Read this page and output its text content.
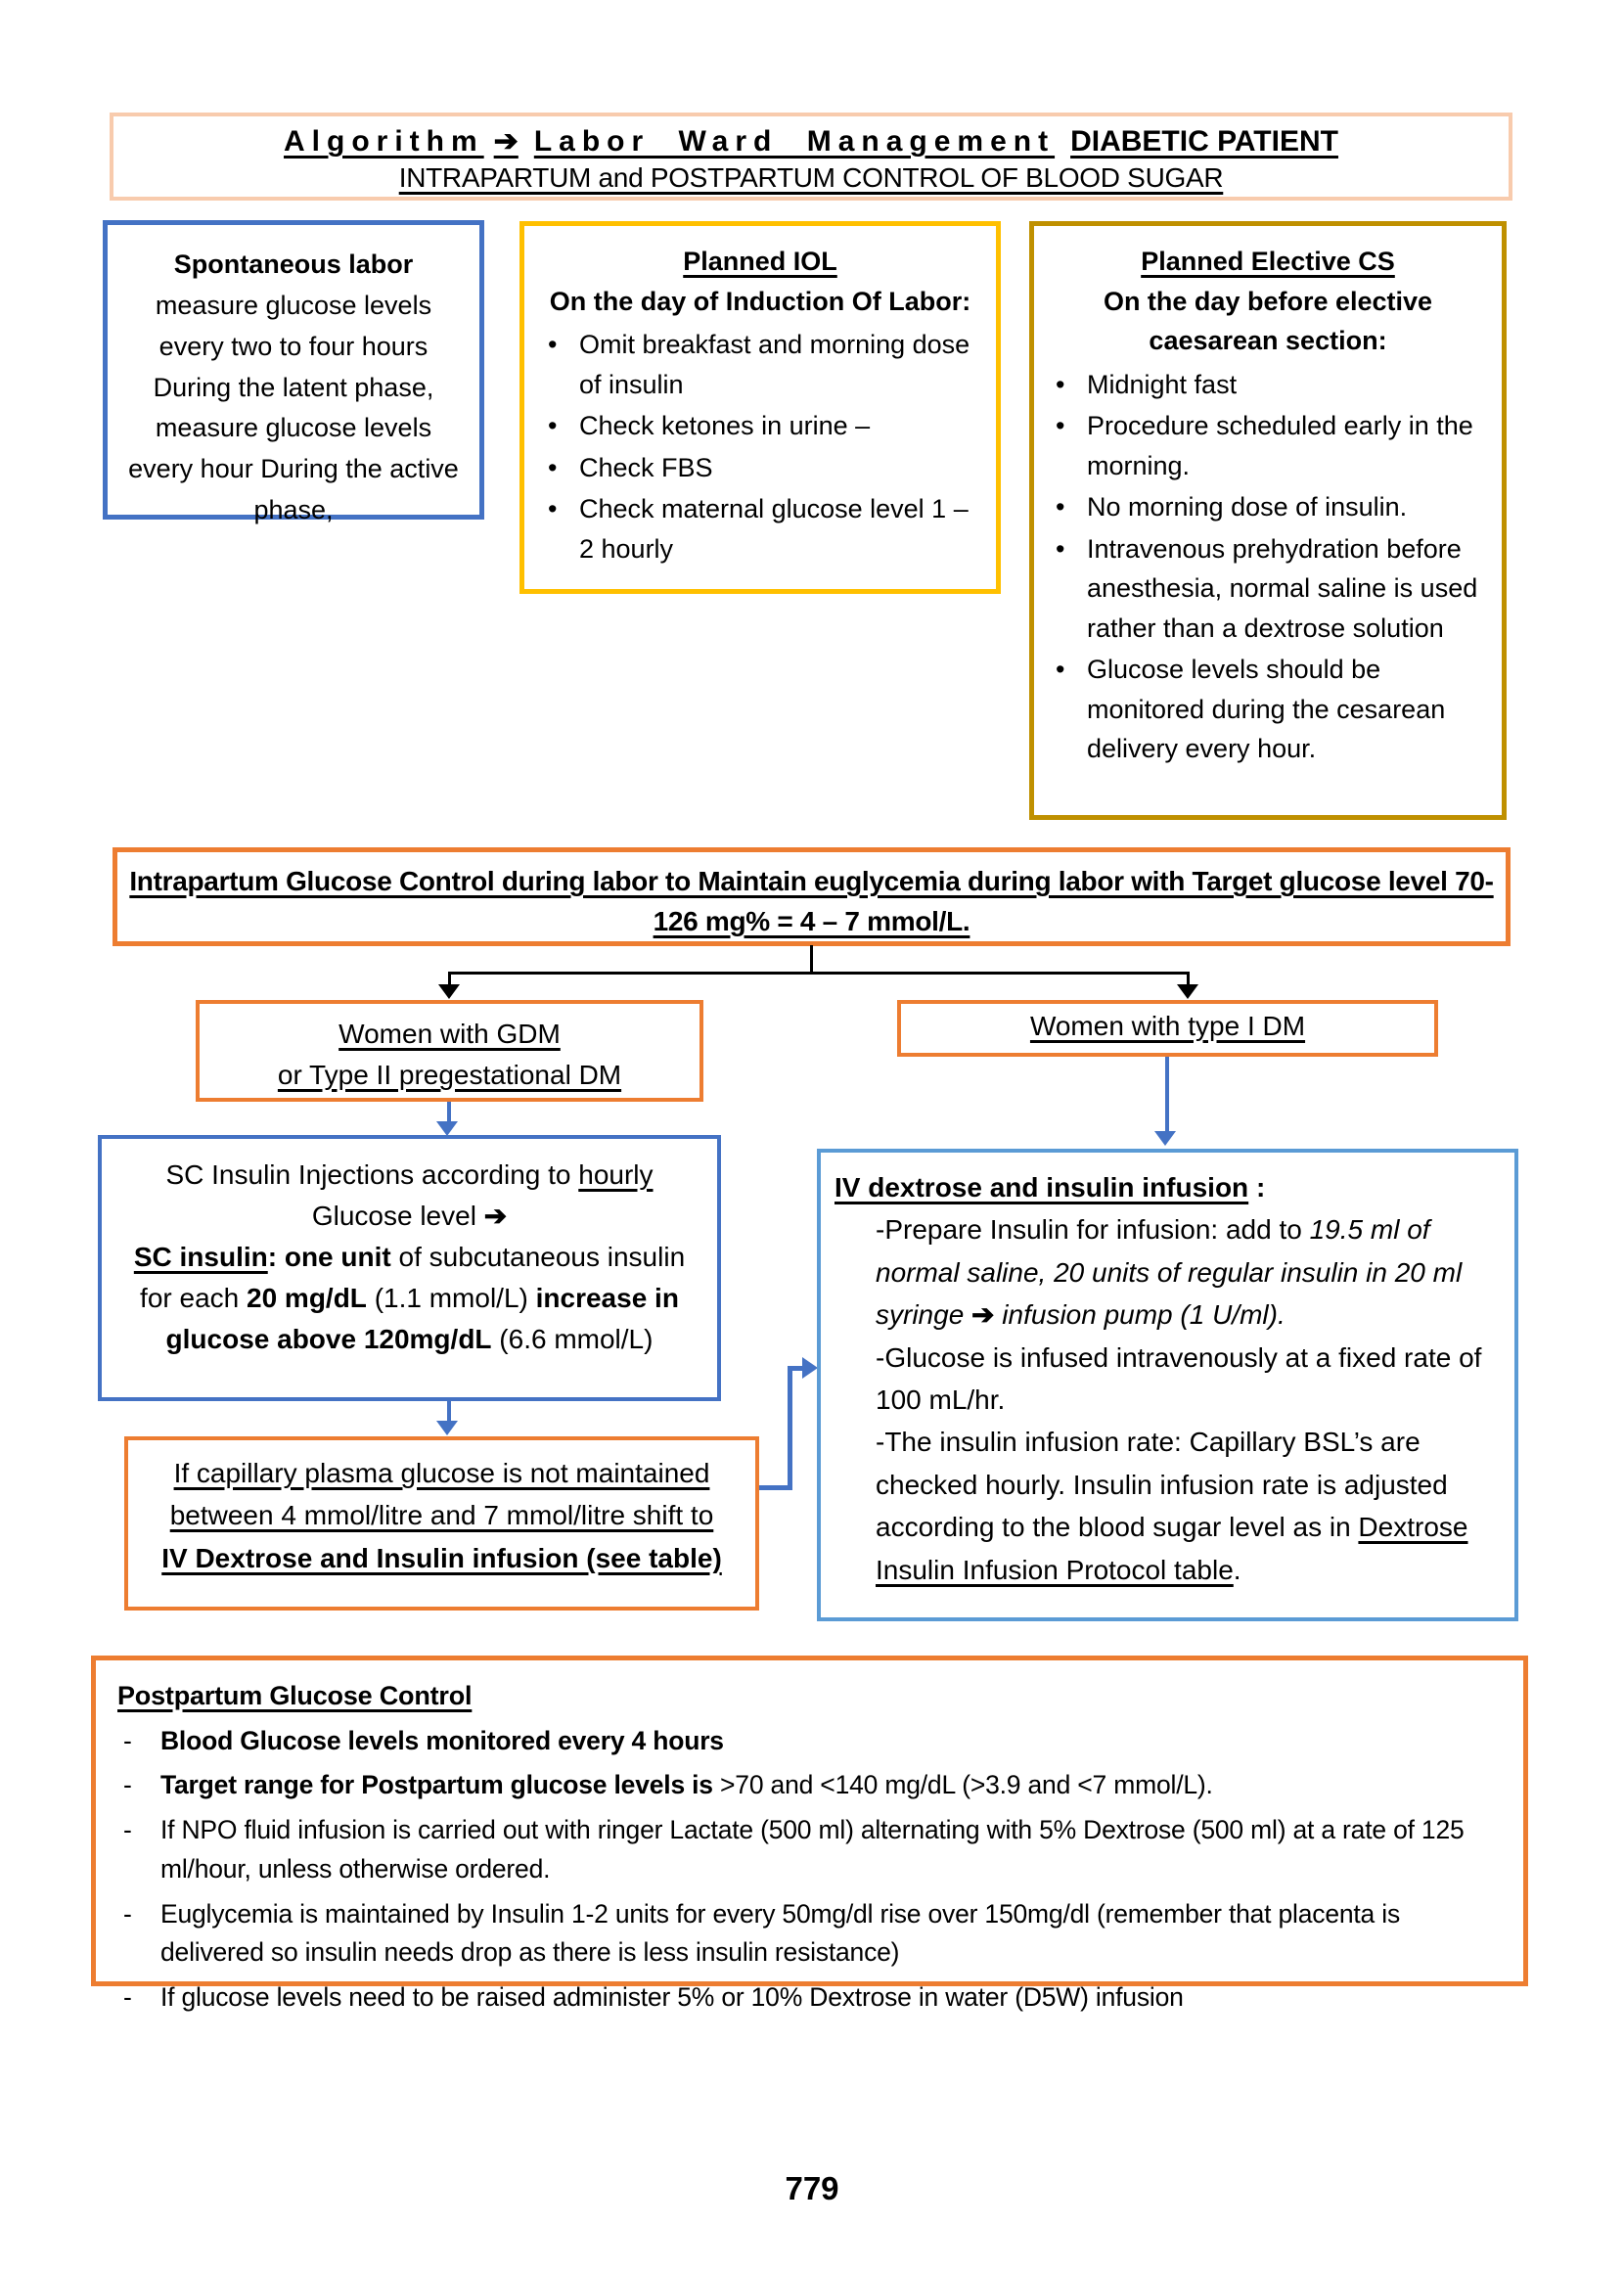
Algorithm ➔ Labor Ward Management DIABETIC PATIENT
INTRAPARTUM and POSTPARTUM CONTROL OF BLOOD SUGAR
Spontaneous labor
measure glucose levels every two to four hours During the latent phase, measure glucose levels every hour During the active phase,
Planned IOL
On the day of Induction Of Labor:
• Omit breakfast and morning dose of insulin
• Check ketones in urine –
• Check FBS
• Check maternal glucose level 1 – 2 hourly
Planned Elective CS
On the day before elective caesarean section:
• Midnight fast
• Procedure scheduled early in the morning.
• No morning dose of insulin.
• Intravenous prehydration before anesthesia, normal saline is used rather than a dextrose solution
• Glucose levels should be monitored during the cesarean delivery every hour.
Intrapartum Glucose Control during labor to Maintain euglycemia during labor with Target glucose level 70-126 mg% = 4 – 7 mmol/L.
Women with GDM
or Type II pregestational DM
Women with type I DM
SC Insulin Injections according to hourly Glucose level ➔
SC insulin: one unit of subcutaneous insulin for each 20 mg/dL (1.1 mmol/L) increase in glucose above 120mg/dL (6.6 mmol/L)
If capillary plasma glucose is not maintained between 4 mmol/litre and 7 mmol/litre shift to
IV Dextrose and Insulin infusion (see table)
IV dextrose and insulin infusion :
-Prepare Insulin for infusion: add to 19.5 ml of normal saline, 20 units of regular insulin in 20 ml syringe ➔ infusion pump (1 U/ml).
-Glucose is infused intravenously at a fixed rate of 100 mL/hr.
-The insulin infusion rate: Capillary BSL’s are checked hourly. Insulin infusion rate is adjusted according to the blood sugar level as in Dextrose Insulin Infusion Protocol table.
Postpartum Glucose Control
-	Blood Glucose levels monitored every 4 hours
-	Target range for Postpartum glucose levels is >70 and <140 mg/dL (>3.9 and <7 mmol/L).
-	If NPO fluid infusion is carried out with ringer Lactate (500 ml) alternating with 5% Dextrose (500 ml) at a rate of 125 ml/hour, unless otherwise ordered.
-	Euglycemia is maintained by Insulin 1-2 units for every 50mg/dl rise over 150mg/dl (remember that placenta is delivered so insulin needs drop as there is less insulin resistance)
-	If glucose levels need to be raised administer 5% or 10% Dextrose in water (D5W) infusion
779
